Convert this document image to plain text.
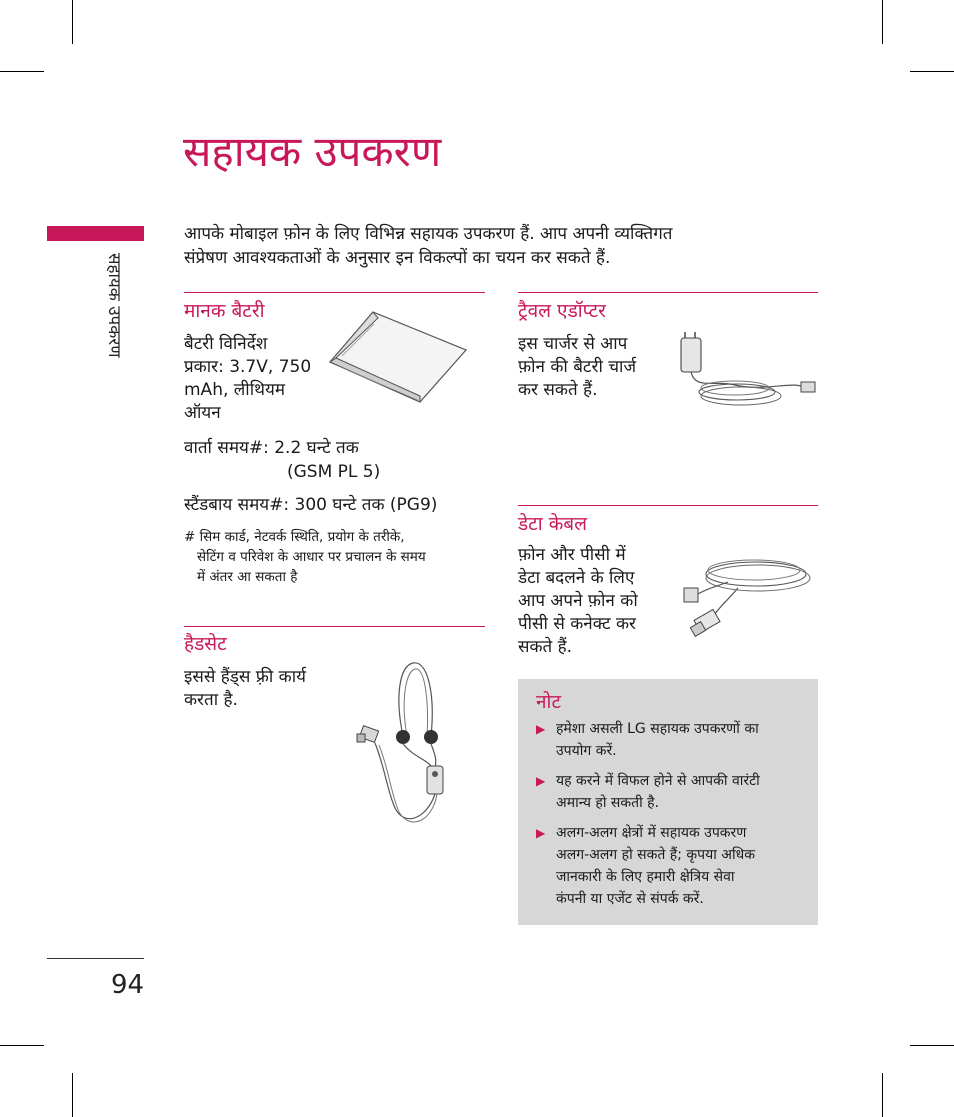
सहायक उपकरण
सहायक उपकरण
आपके मोबाइल फ़ोन के लिए विभिन्न सहायक उपकरण हैं. आप अपनी व्यक्तिगत
संप्रेषण आवश्यकताओं के अनुसार इन विकल्पों का चयन कर सकते हैं.
मानक बैटरी
बैटरी विनिर्देश
प्रकार: 3.7V, 750
mAh, लीथियम
ऑयन
वार्ता समय#: 2.2 घन्टे तक
(GSM PL 5)
स्टैंडबाय समय#: 300 घन्टे तक (PG9)
# सिम कार्ड, नेटवर्क स्थिति, प्रयोग के तरीके,
सेटिंग व परिवेश के आधार पर प्रचालन के समय
में अंतर आ सकता है
हैडसेट
इससे हैंड्स फ़्री कार्य
करता है.
ट्रैवल एडॉप्टर
इस चार्जर से आप
फ़ोन की बैटरी चार्ज
कर सकते हैं.
डेटा केबल
फ़ोन और पीसी में
डेटा बदलने के लिए
आप अपने फ़ोन को
पीसी से कनेक्ट कर
सकते हैं.
नोट
▶ हमेशा असली LG सहायक उपकरणों का
उपयोग करें.
▶ यह करने में विफल होने से आपकी वारंटी
अमान्य हो सकती है.
▶ अलग-अलग क्षेत्रों में सहायक उपकरण
अलग-अलग हो सकते हैं; कृपया अधिक
जानकारी के लिए हमारी क्षेत्रिय सेवा
कंपनी या एजेंट से संपर्क करें.
94
